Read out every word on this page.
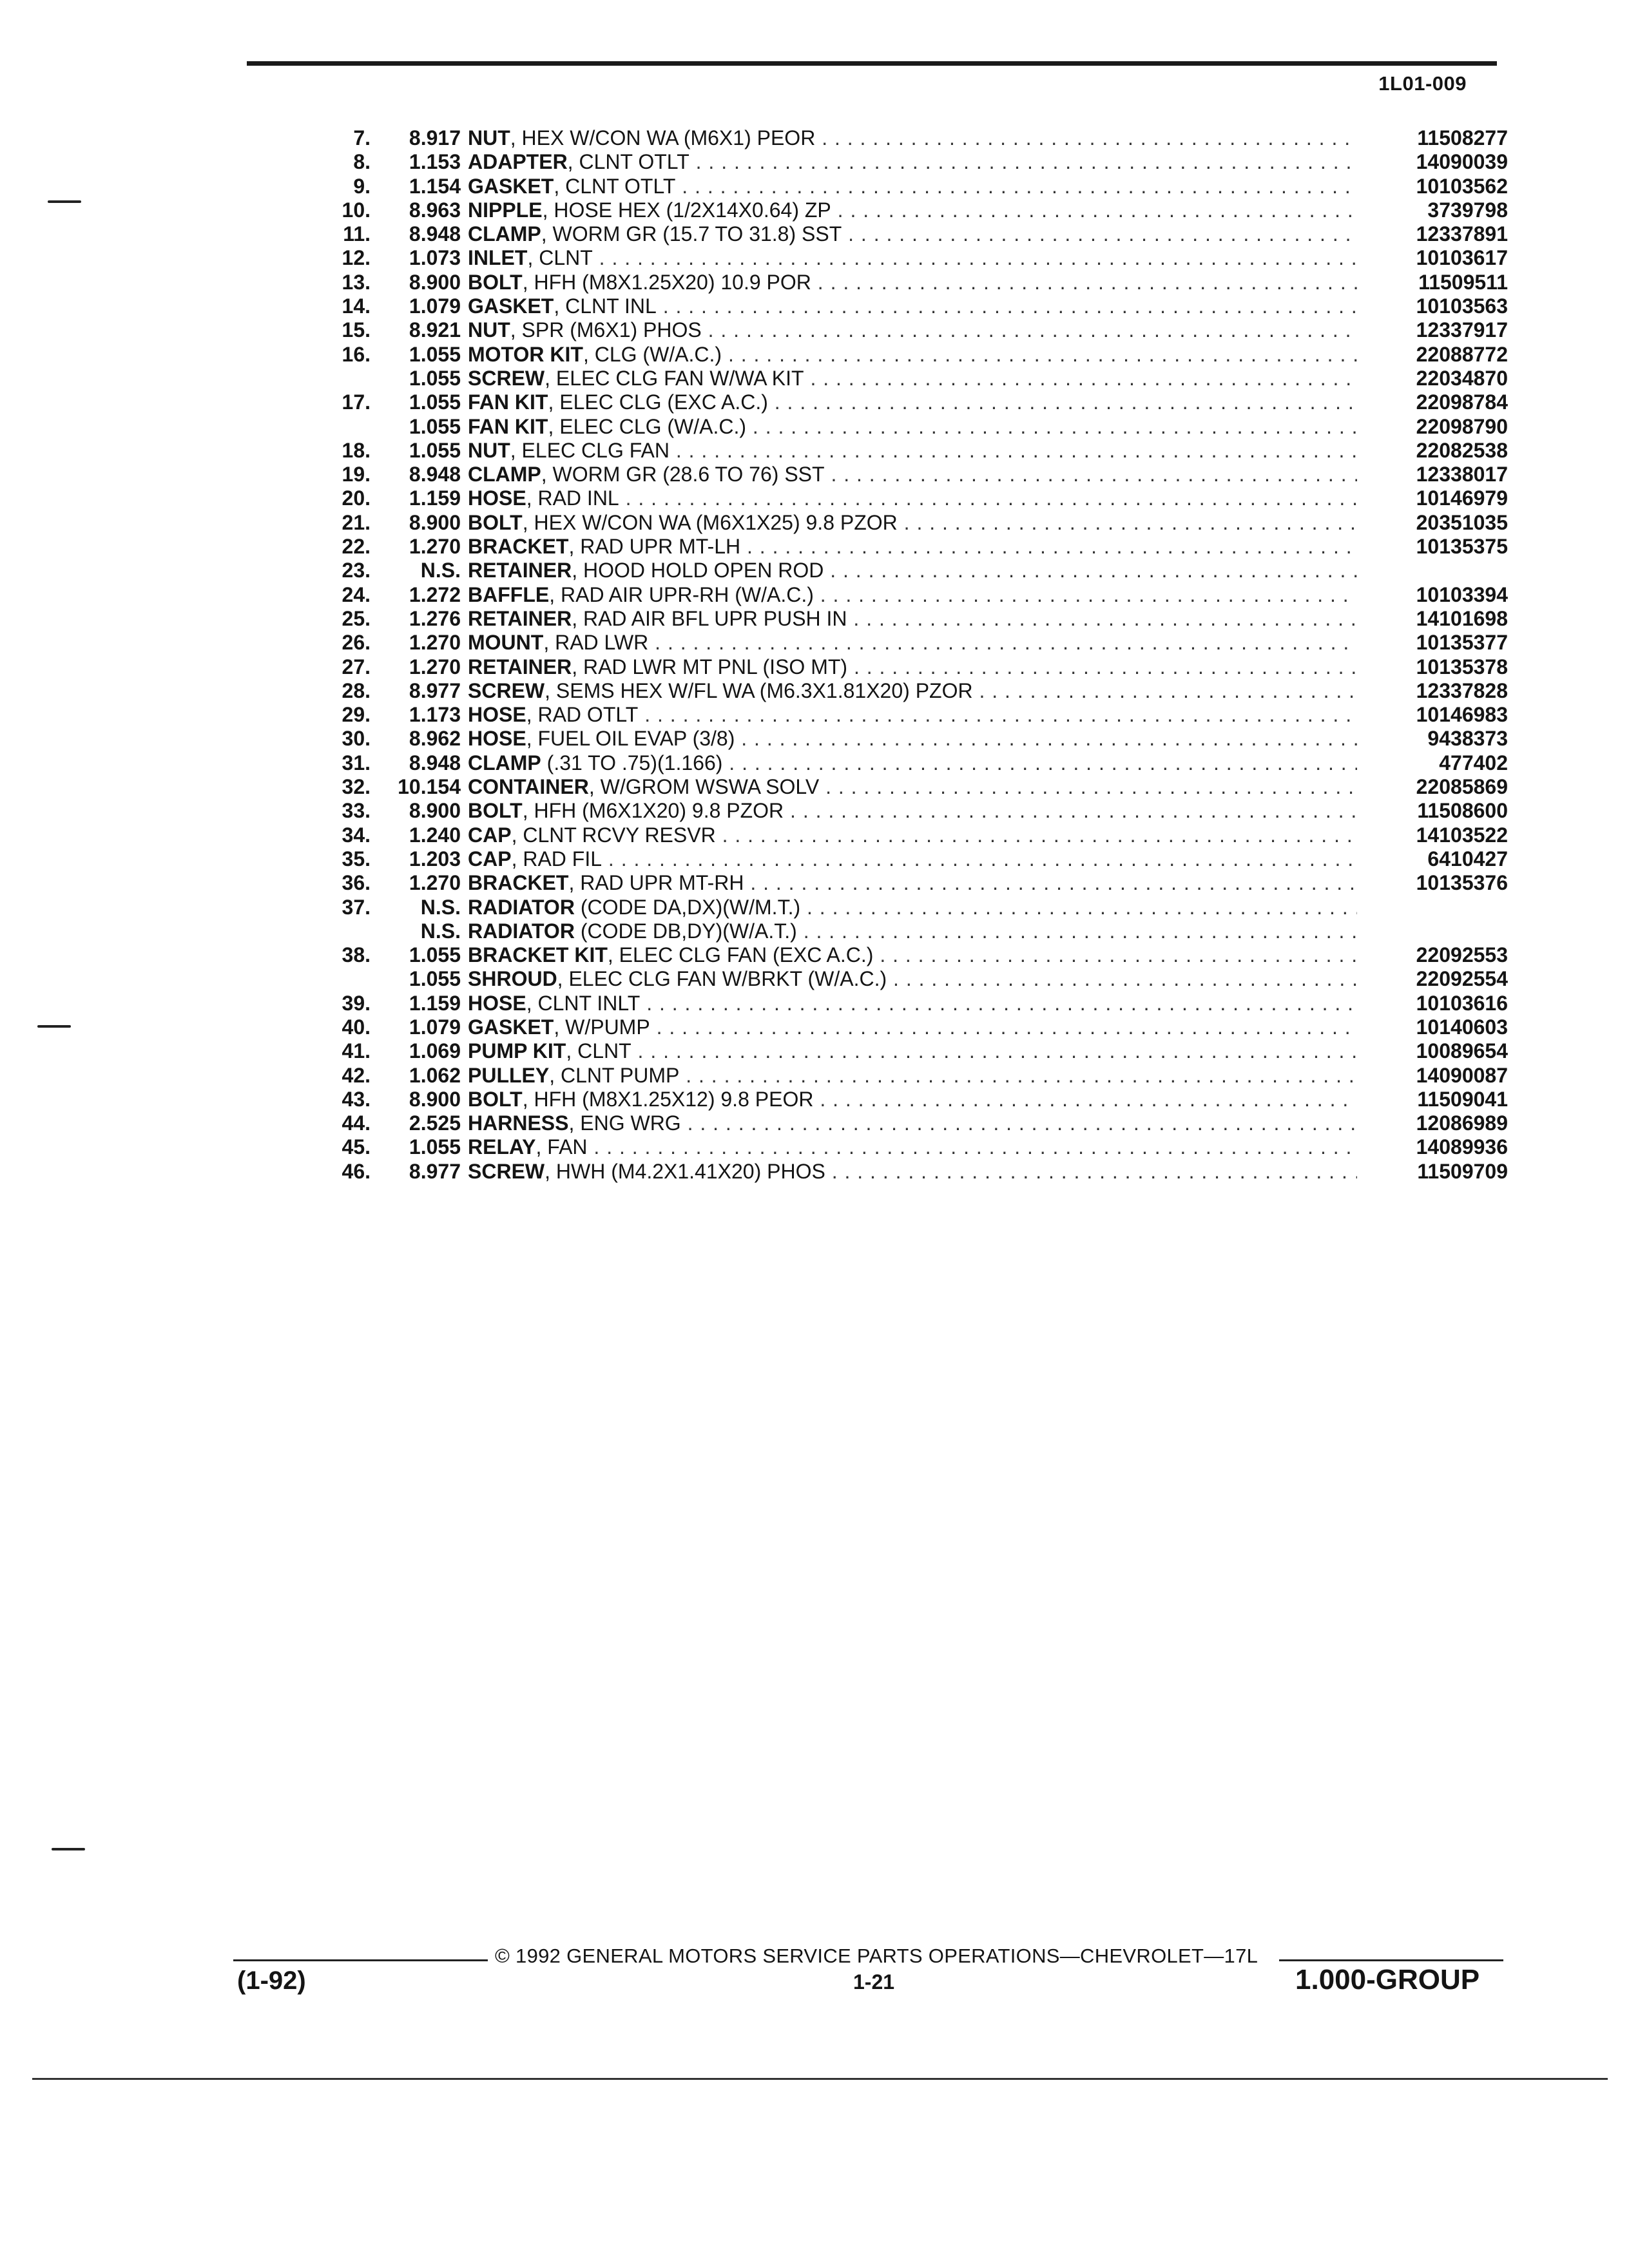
1L01-009
7.	8.917 NUT, HEX W/CON WA (M6X1) PEOR . . .	11508277
8.	1.153 ADAPTER, CLNT OTLT . . .	14090039
9.	1.154 GASKET, CLNT OTLT . . .	10103562
10.	8.963 NIPPLE, HOSE HEX (1/2X14X0.64) ZP . . .	3739798
11.	8.948 CLAMP, WORM GR (15.7 TO 31.8) SST . . .	12337891
12.	1.073 INLET, CLNT . . .	10103617
13.	8.900 BOLT, HFH (M8X1.25X20) 10.9 POR . . .	11509511
14.	1.079 GASKET, CLNT INL . . .	10103563
15.	8.921 NUT, SPR (M6X1) PHOS . . .	12337917
16.	1.055 MOTOR KIT, CLG (W/A.C.) . . .	22088772
1.055 SCREW, ELEC CLG FAN W/WA KIT . . .	22034870
17.	1.055 FAN KIT, ELEC CLG (EXC A.C.) . . .	22098784
1.055 FAN KIT, ELEC CLG (W/A.C.) . . .	22098790
18.	1.055 NUT, ELEC CLG FAN . . .	22082538
19.	8.948 CLAMP, WORM GR (28.6 TO 76) SST . . .	12338017
20.	1.159 HOSE, RAD INL . . .	10146979
21.	8.900 BOLT, HEX W/CON WA (M6X1X25) 9.8 PZOR . . .	20351035
22.	1.270 BRACKET, RAD UPR MT-LH . . .	10135375
23.	N.S. RETAINER, HOOD HOLD OPEN ROD . . .
24.	1.272 BAFFLE, RAD AIR UPR-RH (W/A.C.) . . .	10103394
25.	1.276 RETAINER, RAD AIR BFL UPR PUSH IN . . .	14101698
26.	1.270 MOUNT, RAD LWR . . .	10135377
27.	1.270 RETAINER, RAD LWR MT PNL (ISO MT) . . .	10135378
28.	8.977 SCREW, SEMS HEX W/FL WA (M6.3X1.81X20) PZOR . . .	12337828
29.	1.173 HOSE, RAD OTLT . . .	10146983
30.	8.962 HOSE, FUEL OIL EVAP (3/8) . . .	9438373
31.	8.948 CLAMP (.31 TO .75)(1.166) . . .	477402
32.	10.154 CONTAINER, W/GROM WSWA SOLV . . .	22085869
33.	8.900 BOLT, HFH (M6X1X20) 9.8 PZOR . . .	11508600
34.	1.240 CAP, CLNT RCVY RESVR . . .	14103522
35.	1.203 CAP, RAD FIL . . .	6410427
36.	1.270 BRACKET, RAD UPR MT-RH . . .	10135376
37.	N.S. RADIATOR (CODE DA,DX)(W/M.T.) . . .
N.S. RADIATOR (CODE DB,DY)(W/A.T.) . . .
38.	1.055 BRACKET KIT, ELEC CLG FAN (EXC A.C.) . . .	22092553
1.055 SHROUD, ELEC CLG FAN W/BRKT (W/A.C.) . . .	22092554
39.	1.159 HOSE, CLNT INLT . . .	10103616
40.	1.079 GASKET, W/PUMP . . .	10140603
41.	1.069 PUMP KIT, CLNT . . .	10089654
42.	1.062 PULLEY, CLNT PUMP . . .	14090087
43.	8.900 BOLT, HFH (M8X1.25X12) 9.8 PEOR . . .	11509041
44.	2.525 HARNESS, ENG WRG . . .	12086989
45.	1.055 RELAY, FAN . . .	14089936
46.	8.977 SCREW, HWH (M4.2X1.41X20) PHOS . . .	11509709
© 1992 GENERAL MOTORS SERVICE PARTS OPERATIONS—CHEVROLET—17L
(1-92)	1-21	1.000-GROUP
